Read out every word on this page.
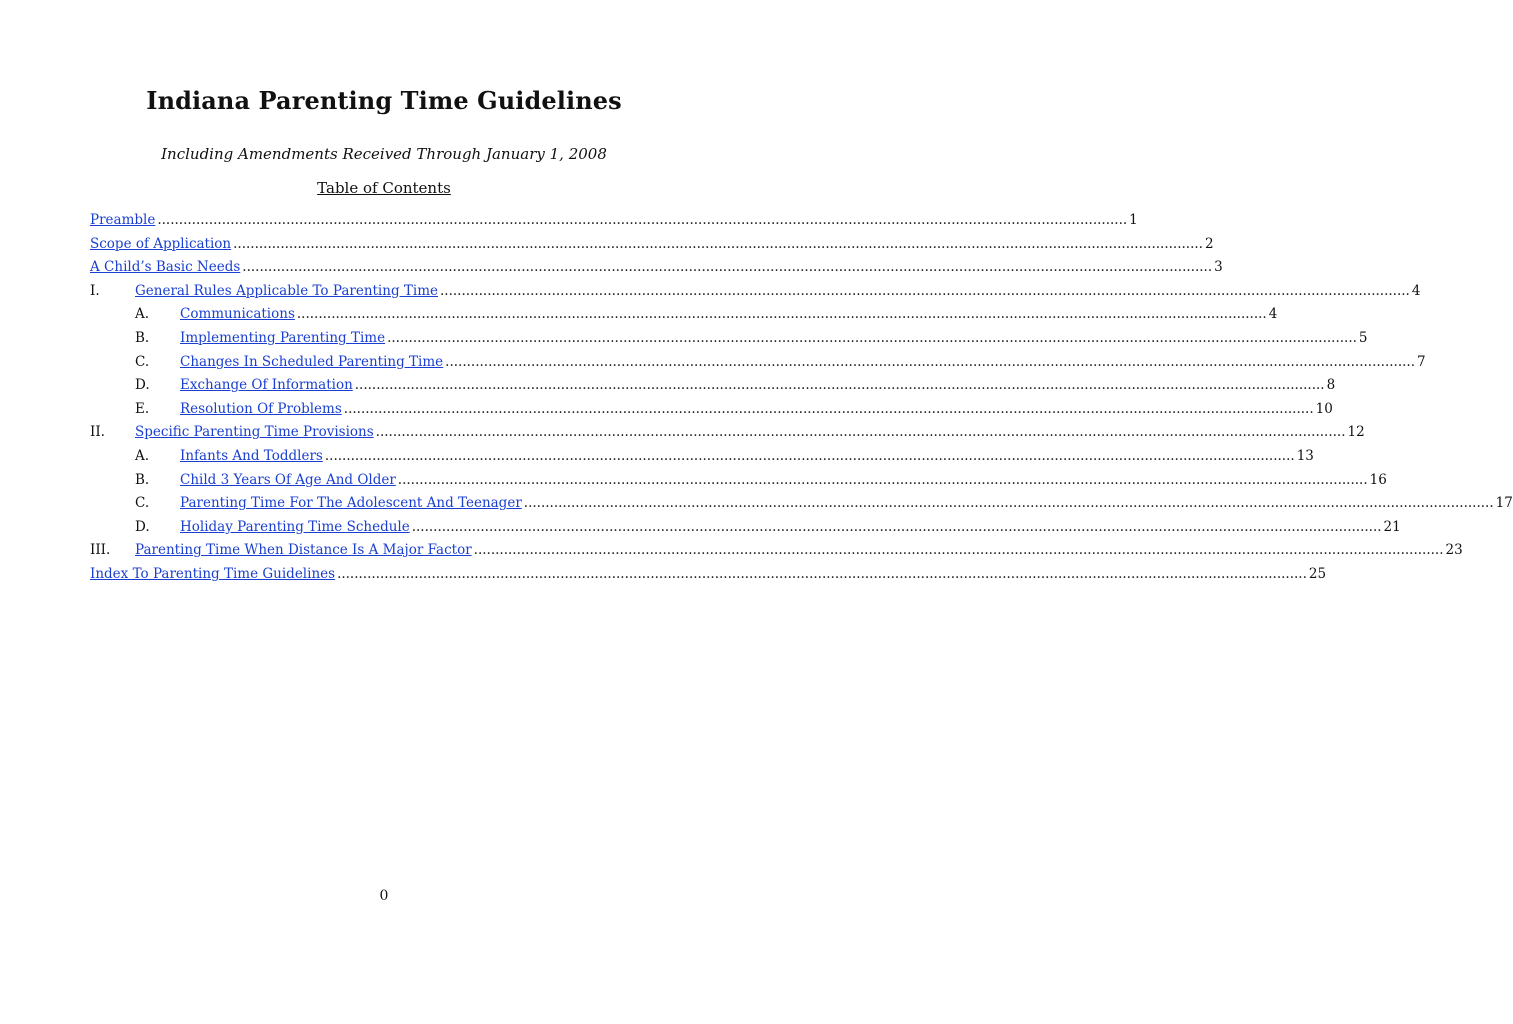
Indiana Parenting Time Guidelines

Including Amendments Received Through January 1, 2008

Table of Contents

Preamble .....	1
Scope of Application .....	2
A Child’s Basic Needs .....	3
I.	General Rules Applicable To Parenting Time .....	4
A. Communications .....	4
B. Implementing Parenting Time .....	5
C. Changes In Scheduled Parenting Time .....	7
D. Exchange Of Information .....	8
E. Resolution Of Problems .....	10
II. Specific Parenting Time Provisions .....	12
A. Infants And Toddlers .....	13
B. Child 3 Years Of Age And Older .....	16
C. Parenting Time For The Adolescent And Teenager .....	17
D. Holiday Parenting Time Schedule .....	21
III. Parenting Time When Distance Is A Major Factor .....	23
Index To Parenting Time Guidelines .....	25
0
